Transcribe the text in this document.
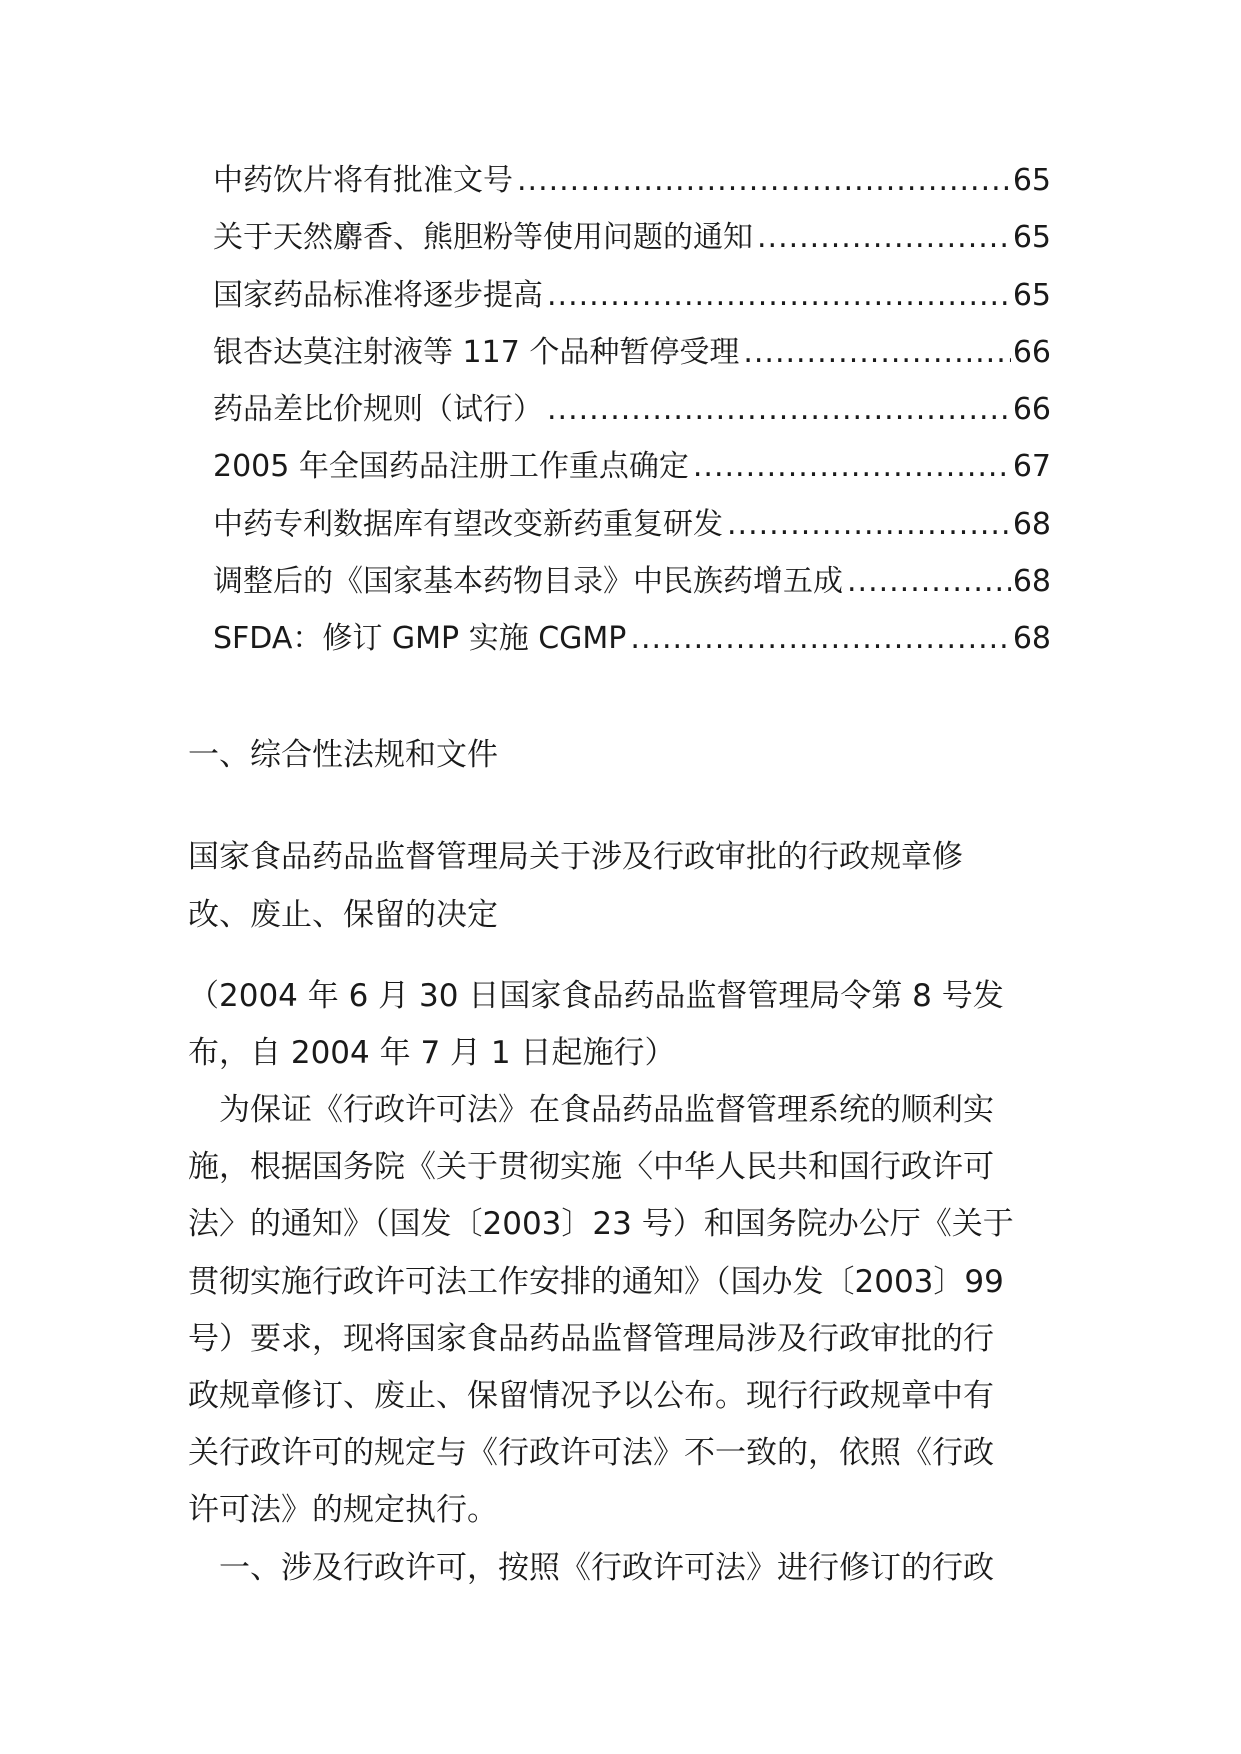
中药饮片将有批准文号 .....	65
关于天然麝香、熊胆粉等使用问题的通知 .....	65
国家药品标准将逐步提高 .....	65
银杏达莫注射液等 117 个品种暂停受理 .....	66
药品差比价规则（试行） .....	66
2005 年全国药品注册工作重点确定 .....	67
中药专利数据库有望改变新药重复研发 .....	68
调整后的《国家基本药物目录》中民族药增五成 .....	68
SFDA：修订 GMP 实施 CGMP .....	68
一、综合性法规和文件
国家食品药品监督管理局关于涉及行政审批的行政规章修
改、废止、保留的决定
（2004 年 6 月 30 日国家食品药品监督管理局令第 8 号发
布，自 2004 年 7 月 1 日起施行）
　为保证《行政许可法》在食品药品监督管理系统的顺利实
施，根据国务院《关于贯彻实施〈中华人民共和国行政许可
法〉的通知》（国发〔2003〕23 号）和国务院办公厅《关于
贯彻实施行政许可法工作安排的通知》（国办发〔2003〕99
号）要求，现将国家食品药品监督管理局涉及行政审批的行
政规章修订、废止、保留情况予以公布。现行行政规章中有
关行政许可的规定与《行政许可法》不一致的，依照《行政
许可法》的规定执行。
　一、涉及行政许可，按照《行政许可法》进行修订的行政
